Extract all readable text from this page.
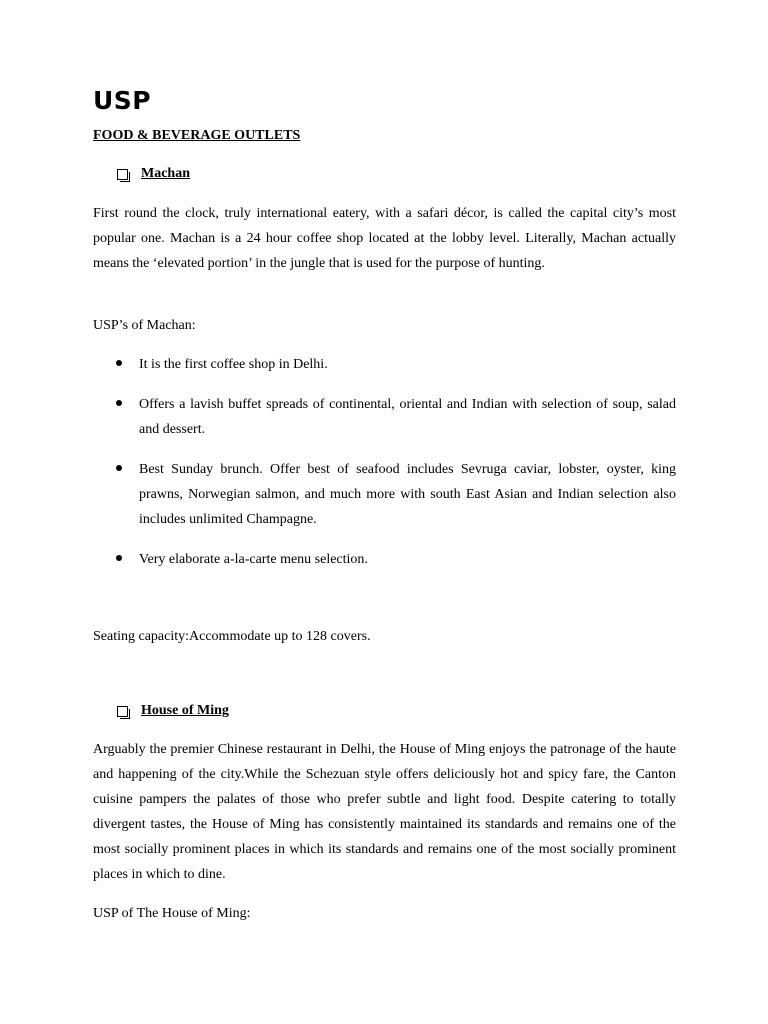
USP
FOOD & BEVERAGE OUTLETS
Machan

First round the clock, truly international eatery, with a safari décor, is called the capital city’s most popular one. Machan is a 24 hour coffee shop located at the lobby level. Literally, Machan actually means the ‘elevated portion’ in the jungle that is used for the purpose of hunting.

USP’s of Machan:

It is the first coffee shop in Delhi.
Offers a lavish buffet spreads of continental, oriental and Indian with selection of soup, salad and dessert.
Best Sunday brunch. Offer best of seafood includes Sevruga caviar, lobster, oyster, king prawns, Norwegian salmon, and much more with south East Asian and Indian selection also includes unlimited Champagne.
Very elaborate a-la-carte menu selection.

Seating capacity:Accommodate up to 128 covers.

House of Ming

Arguably the premier Chinese restaurant in Delhi, the House of Ming enjoys the patronage of the haute and happening of the city.While the Schezuan style offers deliciously hot and spicy fare, the Canton cuisine pampers the palates of those who prefer subtle and light food. Despite catering to totally divergent tastes, the House of Ming has consistently maintained its standards and remains one of the most socially prominent places in which its standards and remains one of the most socially prominent places in which to dine.

USP of The House of Ming:
